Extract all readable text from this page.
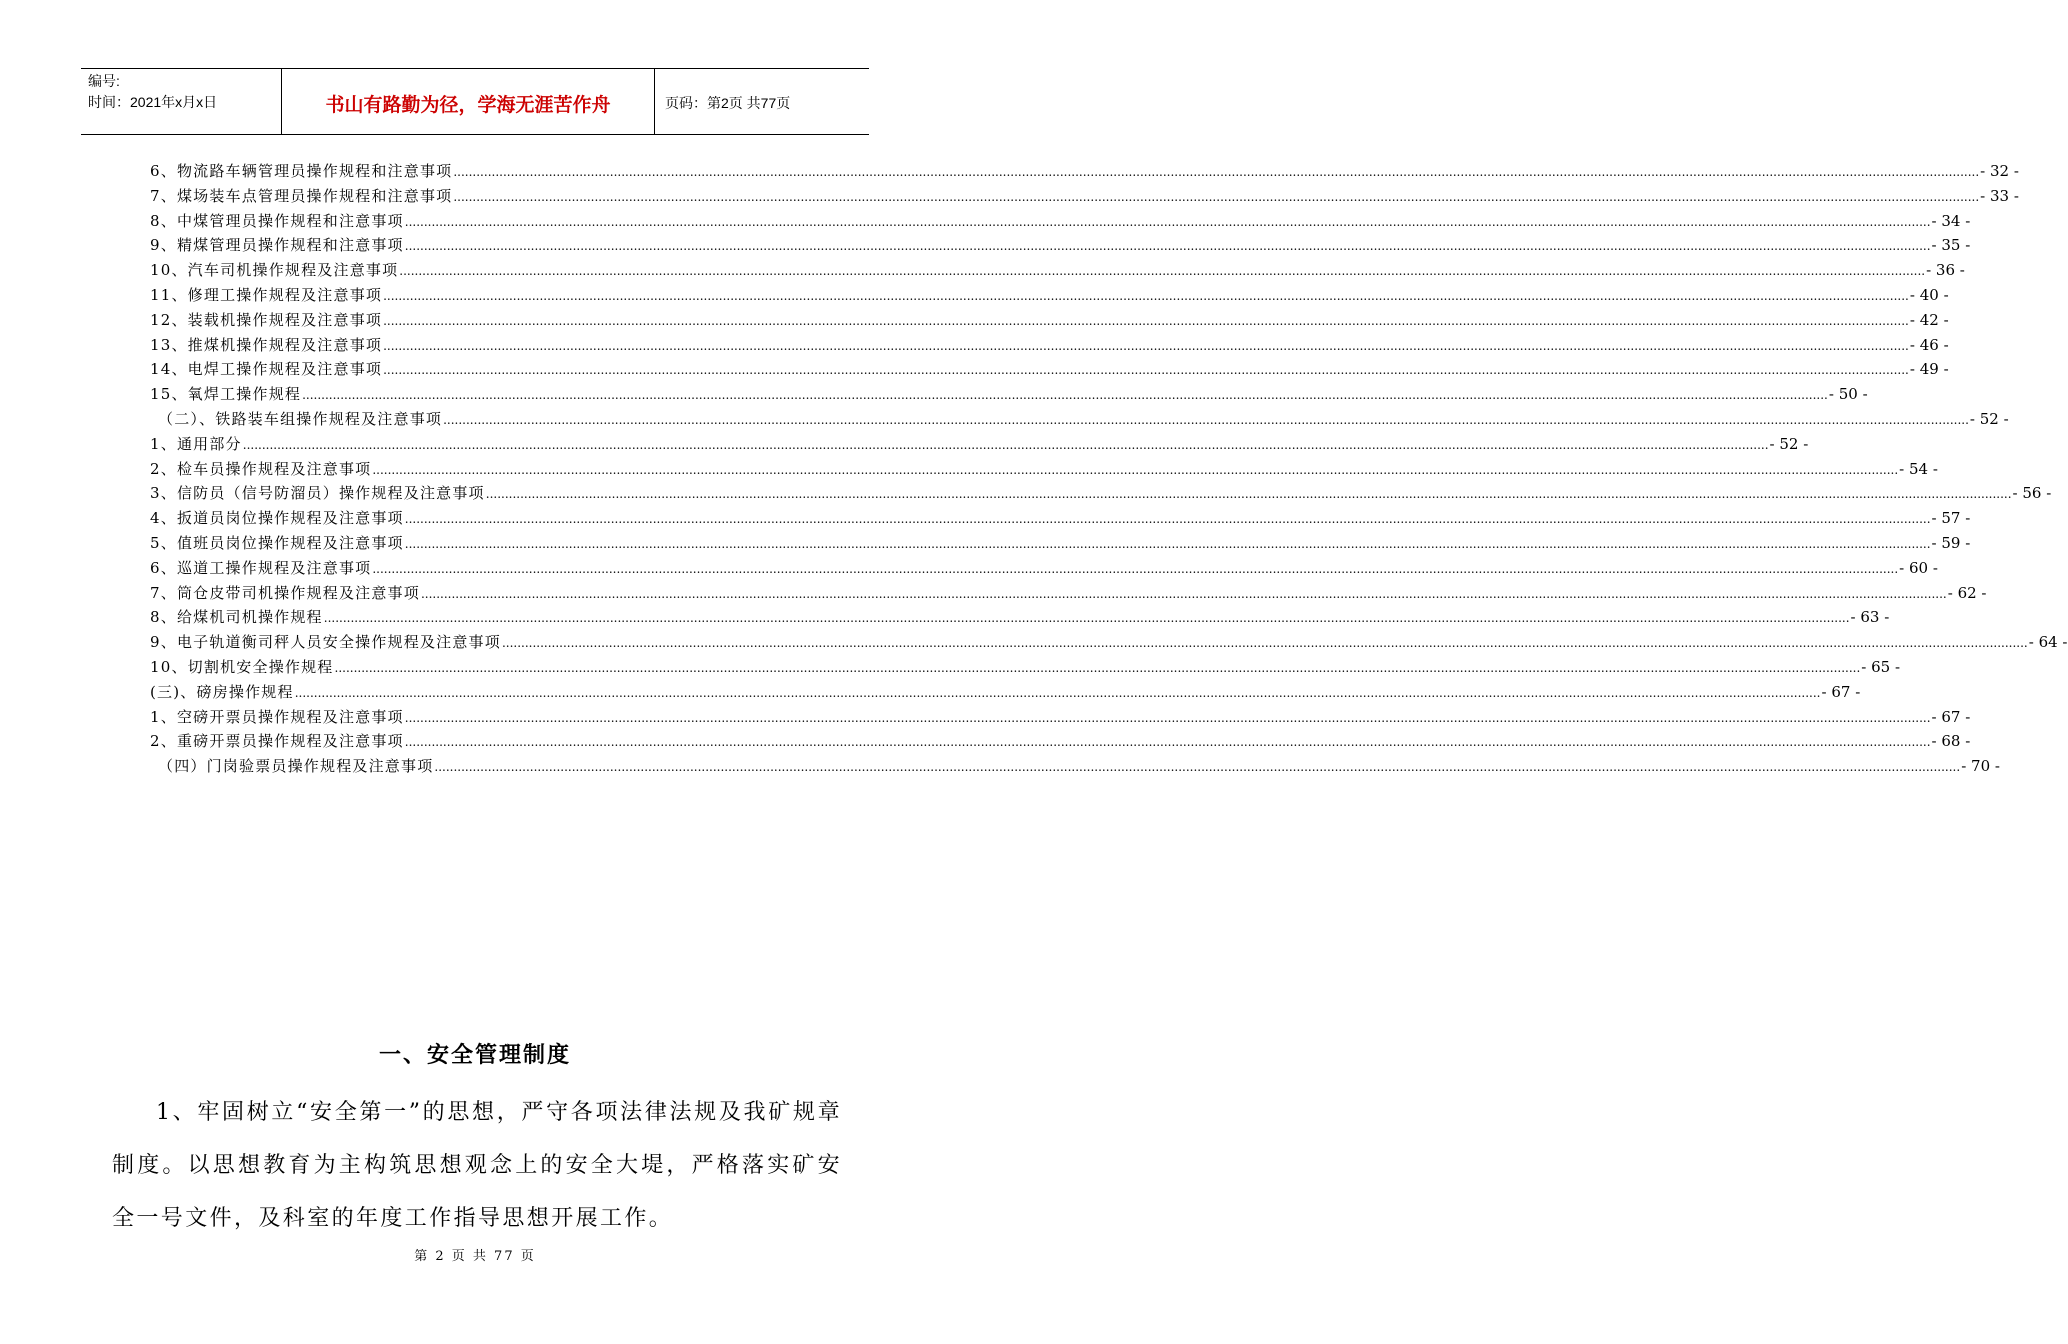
编号:
时间：2021年x月x日	书山有路勤为径，学海无涯苦作舟	页码：第2页 共77页
6、物流路车辆管理员操作规程和注意事项 ................................................................................................................................................................................................................................................................................................................................................................................................................ - 32 -
7、煤场装车点管理员操作规程和注意事项 ................................................................................................................................................................................................................................................................................................................................................................................................................ - 33 -
8、中煤管理员操作规程和注意事项 ................................................................................................................................................................................................................................................................................................................................................................................................................ - 34 -
9、精煤管理员操作规程和注意事项 ................................................................................................................................................................................................................................................................................................................................................................................................................ - 35 -
10、汽车司机操作规程及注意事项 ................................................................................................................................................................................................................................................................................................................................................................................................................ - 36 -
11、修理工操作规程及注意事项 ................................................................................................................................................................................................................................................................................................................................................................................................................ - 40 -
12、装载机操作规程及注意事项 ................................................................................................................................................................................................................................................................................................................................................................................................................ - 42 -
13、推煤机操作规程及注意事项 ................................................................................................................................................................................................................................................................................................................................................................................................................ - 46 -
14、电焊工操作规程及注意事项 ................................................................................................................................................................................................................................................................................................................................................................................................................ - 49 -
15、氧焊工操作规程 ................................................................................................................................................................................................................................................................................................................................................................................................................ - 50 -
（二）、铁路装车组操作规程及注意事项 ................................................................................................................................................................................................................................................................................................................................................................................................................ - 52 -
1、通用部分 ................................................................................................................................................................................................................................................................................................................................................................................................................ - 52 -
2、检车员操作规程及注意事项 ................................................................................................................................................................................................................................................................................................................................................................................................................ - 54 -
3、信防员（信号防溜员）操作规程及注意事项 ................................................................................................................................................................................................................................................................................................................................................................................................................ - 56 -
4、扳道员岗位操作规程及注意事项 ................................................................................................................................................................................................................................................................................................................................................................................................................ - 57 -
5、值班员岗位操作规程及注意事项 ................................................................................................................................................................................................................................................................................................................................................................................................................ - 59 -
6、巡道工操作规程及注意事项 ................................................................................................................................................................................................................................................................................................................................................................................................................ - 60 -
7、筒仓皮带司机操作规程及注意事项 ................................................................................................................................................................................................................................................................................................................................................................................................................ - 62 -
8、给煤机司机操作规程 ................................................................................................................................................................................................................................................................................................................................................................................................................ - 63 -
9、电子轨道衡司秤人员安全操作规程及注意事项 ................................................................................................................................................................................................................................................................................................................................................................................................................ - 64 -
10、切割机安全操作规程 ................................................................................................................................................................................................................................................................................................................................................................................................................ - 65 -
(三)、磅房操作规程 ................................................................................................................................................................................................................................................................................................................................................................................................................ - 67 -
1、空磅开票员操作规程及注意事项 ................................................................................................................................................................................................................................................................................................................................................................................................................ - 67 -
2、重磅开票员操作规程及注意事项 ................................................................................................................................................................................................................................................................................................................................................................................................................ - 68 -
（四）门岗验票员操作规程及注意事项 ................................................................................................................................................................................................................................................................................................................................................................................................................ - 70 -
一、安全管理制度

1、牢固树立“安全第一”的思想，严守各项法律法规及我矿规章制度。以思想教育为主构筑思想观念上的安全大堤，严格落实矿安全一号文件，及科室的年度工作指导思想开展工作。

第 2 页 共 77 页
